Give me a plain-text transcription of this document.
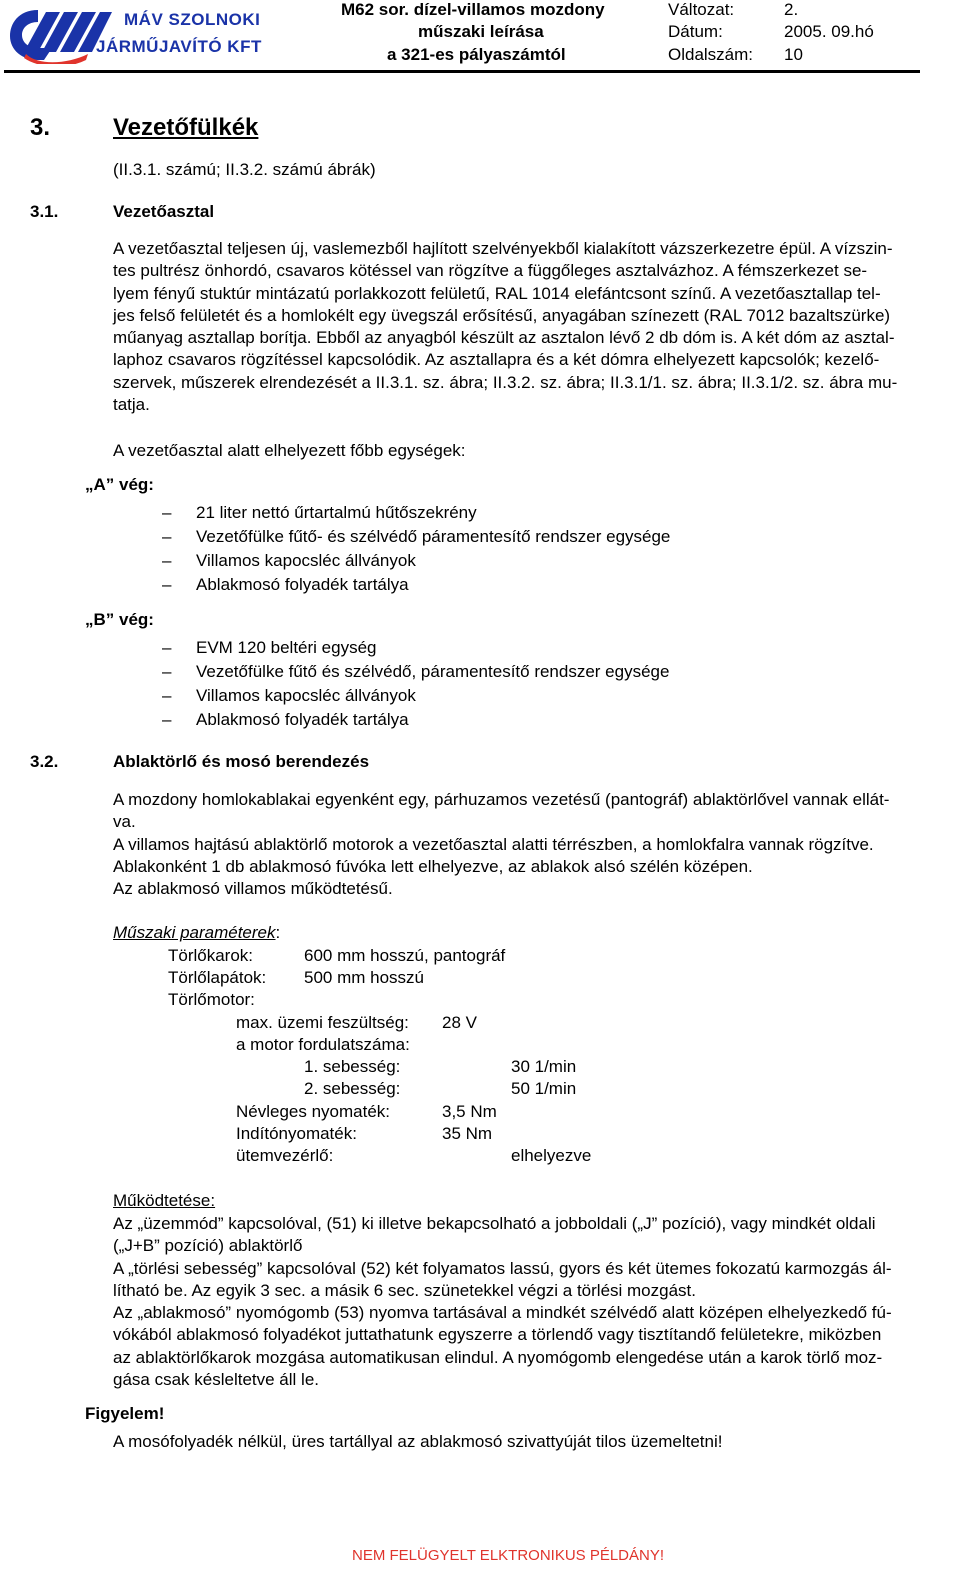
MÁV SZOLNOKI
JÁRMŰJAVÍTÓ KFT
M62 sor. dízel-villamos mozdony
műszaki leírása
a 321-es pályaszámtól
Változat:	2.
Dátum:	2005. 09.hó
Oldalszám: 10
3.	Vezetőfülkék
(II.3.1. számú; II.3.2. számú ábrák)
3.1.	Vezetőasztal
A vezetőasztal teljesen új, vaslemezből hajlított szelvényekből kialakított vázszerkezetre épül. A vízszin-
tes pultrész önhordó, csavaros kötéssel van rögzítve a függőleges asztalvázhoz. A fémszerkezet se-
lyem fényű stuktúr mintázatú porlakkozott felületű, RAL 1014 elefántcsont színű. A vezetőasztallap tel-
jes felső felületét és a homlokélt egy üvegszál erősítésű, anyagában színezett (RAL 7012 bazaltszürke)
műanyag asztallap borítja. Ebből az anyagból készült az asztalon lévő 2 db dóm is. A két dóm az asztal-
laphoz csavaros rögzítéssel kapcsolódik. Az asztallapra és a két dómra elhelyezett kapcsolók; kezelő-
szervek, műszerek elrendezését a II.3.1. sz. ábra; II.3.2. sz. ábra; II.3.1/1. sz. ábra; II.3.1/2. sz. ábra mu-
tatja.
A vezetőasztal alatt elhelyezett főbb egységek:
„A” vég:
– 21 liter nettó űrtartalmú hűtőszekrény
– Vezetőfülke fűtő- és szélvédő páramentesítő rendszer egysége
– Villamos kapocsléc állványok
– Ablakmosó folyadék tartálya
„B” vég:
– EVM 120 beltéri egység
– Vezetőfülke fűtő és szélvédő, páramentesítő rendszer egysége
– Villamos kapocsléc állványok
– Ablakmosó folyadék tartálya
3.2.	Ablaktörlő és mosó berendezés
A mozdony homlokablakai egyenként egy, párhuzamos vezetésű (pantográf) ablaktörlővel vannak ellát-
va.
A villamos hajtású ablaktörlő motorok a vezetőasztal alatti térrészben, a homlokfalra vannak rögzítve.
Ablakonként 1 db ablakmosó fúvóka lett elhelyezve, az ablakok alsó szélén középen.
Az ablakmosó villamos működtetésű.
Műszaki paraméterek:
Törlőkarok:	600 mm hosszú, pantográf
Törlőlapátok: 500 mm hosszú
Törlőmotor:
max. üzemi feszültség: 28 V
a motor fordulatszáma:
1. sebesség:	30 1/min
2. sebesség:	50 1/min
Névleges nyomaték:	3,5 Nm
Indítónyomaték:	35 Nm
ütemvezérlő:	elhelyezve
Működtetése:
Az „üzemmód” kapcsolóval, (51) ki illetve bekapcsolható a jobboldali („J” pozíció), vagy mindkét oldali
(„J+B” pozíció) ablaktörlő
A „törlési sebesség” kapcsolóval (52) két folyamatos lassú, gyors és két ütemes fokozatú karmozgás ál-
lítható be. Az egyik 3 sec. a másik 6 sec. szünetekkel végzi a törlési mozgást.
Az „ablakmosó” nyomógomb (53) nyomva tartásával a mindkét szélvédő alatt középen elhelyezkedő fú-
vókából ablakmosó folyadékot juttathatunk egyszerre a törlendő vagy tisztítandő felületekre, miközben
az ablaktörlőkarok mozgása automatikusan elindul. A nyomógomb elengedése után a karok törlő moz-
gása csak késleltetve áll le.
Figyelem!
A mosófolyadék nélkül, üres tartállyal az ablakmosó szivattyúját tilos üzemeltetni!
NEM FELÜGYELT ELKTRONIKUS PÉLDÁNY!
